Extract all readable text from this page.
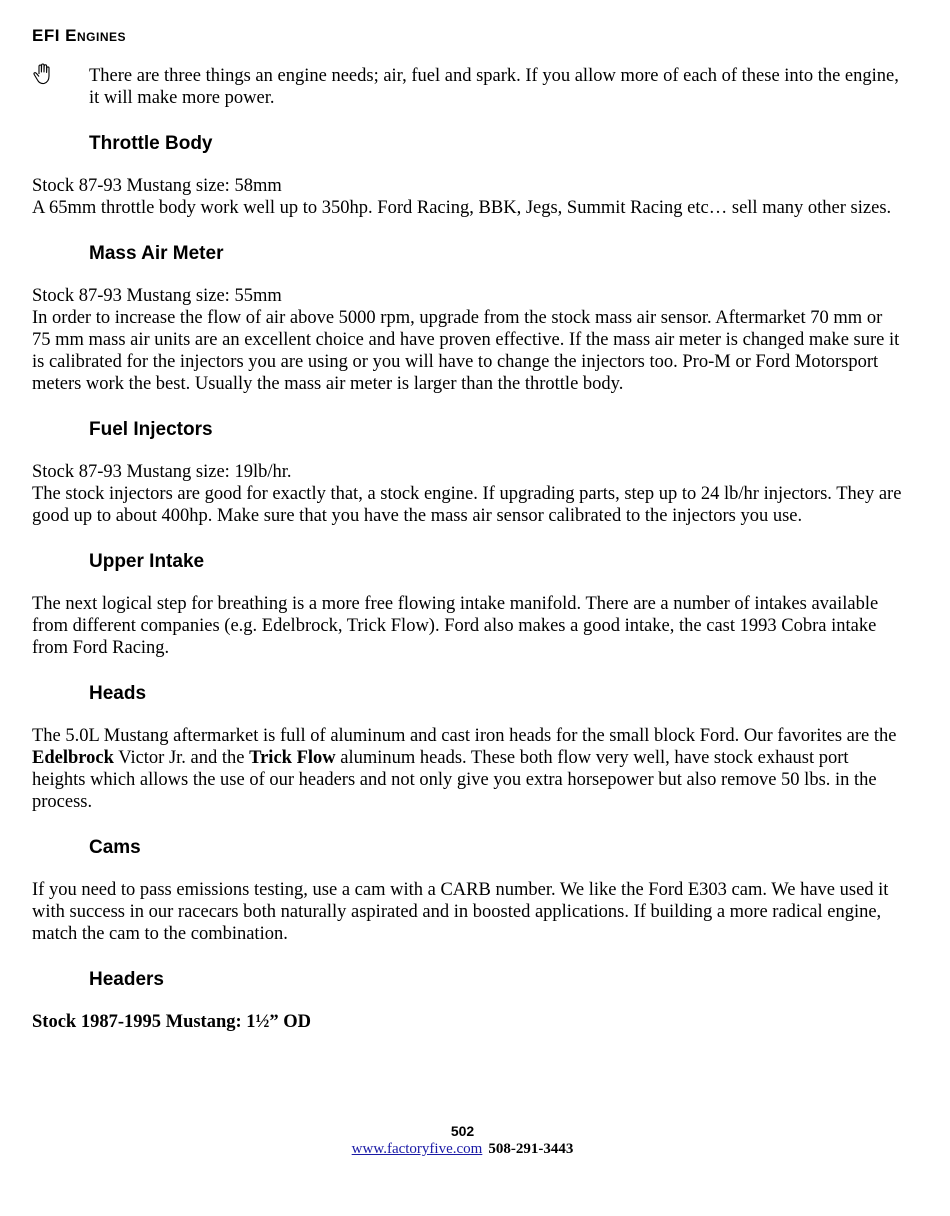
EFI Engines
There are three things an engine needs; air, fuel and spark. If you allow more of each of these into the engine, it will make more power.
Throttle Body

Stock 87-93 Mustang size: 58mm

A 65mm throttle body work well up to 350hp. Ford Racing, BBK, Jegs, Summit Racing etc… sell many other sizes.

Mass Air Meter

Stock 87-93 Mustang size: 55mm

In order to increase the flow of air above 5000 rpm, upgrade from the stock mass air sensor. Aftermarket 70 mm or 75 mm mass air units are an excellent choice and have proven effective. If the mass air meter is changed make sure it is calibrated for the injectors you are using or you will have to change the injectors too. Pro-M or Ford Motorsport meters work the best. Usually the mass air meter is larger than the throttle body.

Fuel Injectors

Stock 87-93 Mustang size: 19lb/hr.

The stock injectors are good for exactly that, a stock engine. If upgrading parts, step up to 24 lb/hr injectors. They are good up to about 400hp. Make sure that you have the mass air sensor calibrated to the injectors you use.

Upper Intake

The next logical step for breathing is a more free flowing intake manifold. There are a number of intakes available from different companies (e.g. Edelbrock, Trick Flow). Ford also makes a good intake, the cast 1993 Cobra intake from Ford Racing.

Heads

The 5.0L Mustang aftermarket is full of aluminum and cast iron heads for the small block Ford. Our favorites are the Edelbrock Victor Jr. and the Trick Flow aluminum heads. These both flow very well, have stock exhaust port heights which allows the use of our headers and not only give you extra horsepower but also remove 50 lbs. in the process.

Cams

If you need to pass emissions testing, use a cam with a CARB number. We like the Ford E303 cam. We have used it with success in our racecars both naturally aspirated and in boosted applications. If building a more radical engine, match the cam to the combination.

Headers

Stock 1987-1995 Mustang: 1½” OD

502
www.factoryfive.com 508-291-3443
